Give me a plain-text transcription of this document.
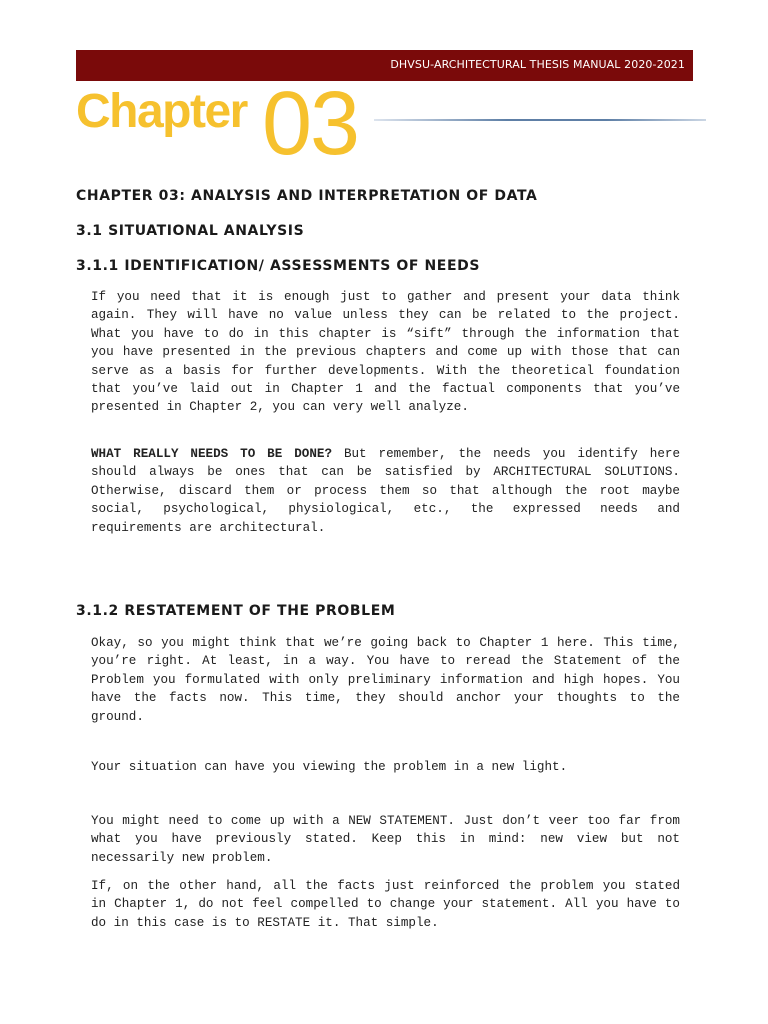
DHVSU-ARCHITECTURAL THESIS MANUAL 2020-2021
Chapter 03
CHAPTER 03: ANALYSIS AND INTERPRETATION OF DATA
3.1 SITUATIONAL ANALYSIS
3.1.1 IDENTIFICATION/ ASSESSMENTS OF NEEDS

If you need that it is enough just to gather and present your data think again. They will have no value unless they can be related to the project. What you have to do in this chapter is “sift” through the information that you have presented in the previous chapters and come up with those that can serve as a basis for further developments. With the theoretical foundation that you’ve laid out in Chapter 1 and the factual components that you’ve presented in Chapter 2, you can very well analyze.

WHAT REALLY NEEDS TO BE DONE? But remember, the needs you identify here should always be ones that can be satisfied by ARCHITECTURAL SOLUTIONS. Otherwise, discard them or process them so that although the root maybe social, psychological, physiological, etc., the expressed needs and requirements are architectural.

3.1.2 RESTATEMENT OF THE PROBLEM

Okay, so you might think that we’re going back to Chapter 1 here. This time, you’re right. At least, in a way. You have to reread the Statement of the Problem you formulated with only preliminary information and high hopes. You have the facts now. This time, they should anchor your thoughts to the ground.

Your situation can have you viewing the problem in a new light.

You might need to come up with a NEW STATEMENT. Just don’t veer too far from what you have previously stated. Keep this in mind: new view but not necessarily new problem.

If, on the other hand, all the facts just reinforced the problem you stated in Chapter 1, do not feel compelled to change your statement. All you have to do in this case is to RESTATE it. That simple.
